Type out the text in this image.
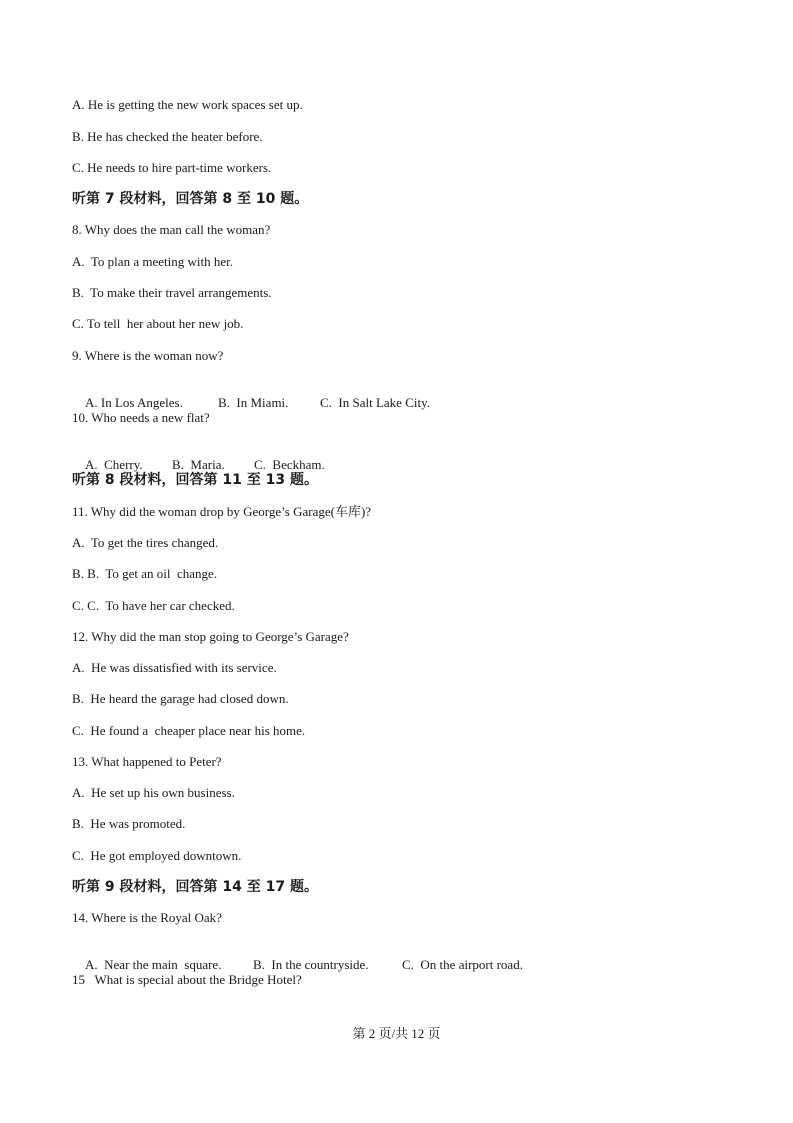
A. He is getting the new work spaces set up.
B. He has checked the heater before.
C. He needs to hire part-time workers.
听第 7 段材料，回答第 8 至 10 题。
8. Why does the man call the woman?
A.  To plan a meeting with her.
B.  To make their travel arrangements.
C. To tell  her about her new job.
9. Where is the woman now?

A. In Los Angeles.	B.  In Miami. C.  In Salt Lake City.

10. Who needs a new flat?

A.  Cherry. B.  Maria. C.  Beckham.

听第 8 段材料，回答第 11 至 13 题。
11. Why did the woman drop by George’s Garage(车库)?
A.  To get the tires changed.
B. B.  To get an oil  change.
C. C.  To have her car checked.
12. Why did the man stop going to George’s Garage?
A.  He was dissatisfied with its service.
B.  He heard the garage had closed down.
C.  He found a  cheaper place near his home.
13. What happened to Peter?
A.  He set up his own business.
B.  He was promoted.
C.  He got employed downtown.
听第 9 段材料，回答第 14 至 17 题。
14. Where is the Royal Oak?

A.  Near the main  square. B.  In the countryside.	C.  On the airport road.

15   What is special about the Bridge Hotel?
第 2 页/共 12 页
